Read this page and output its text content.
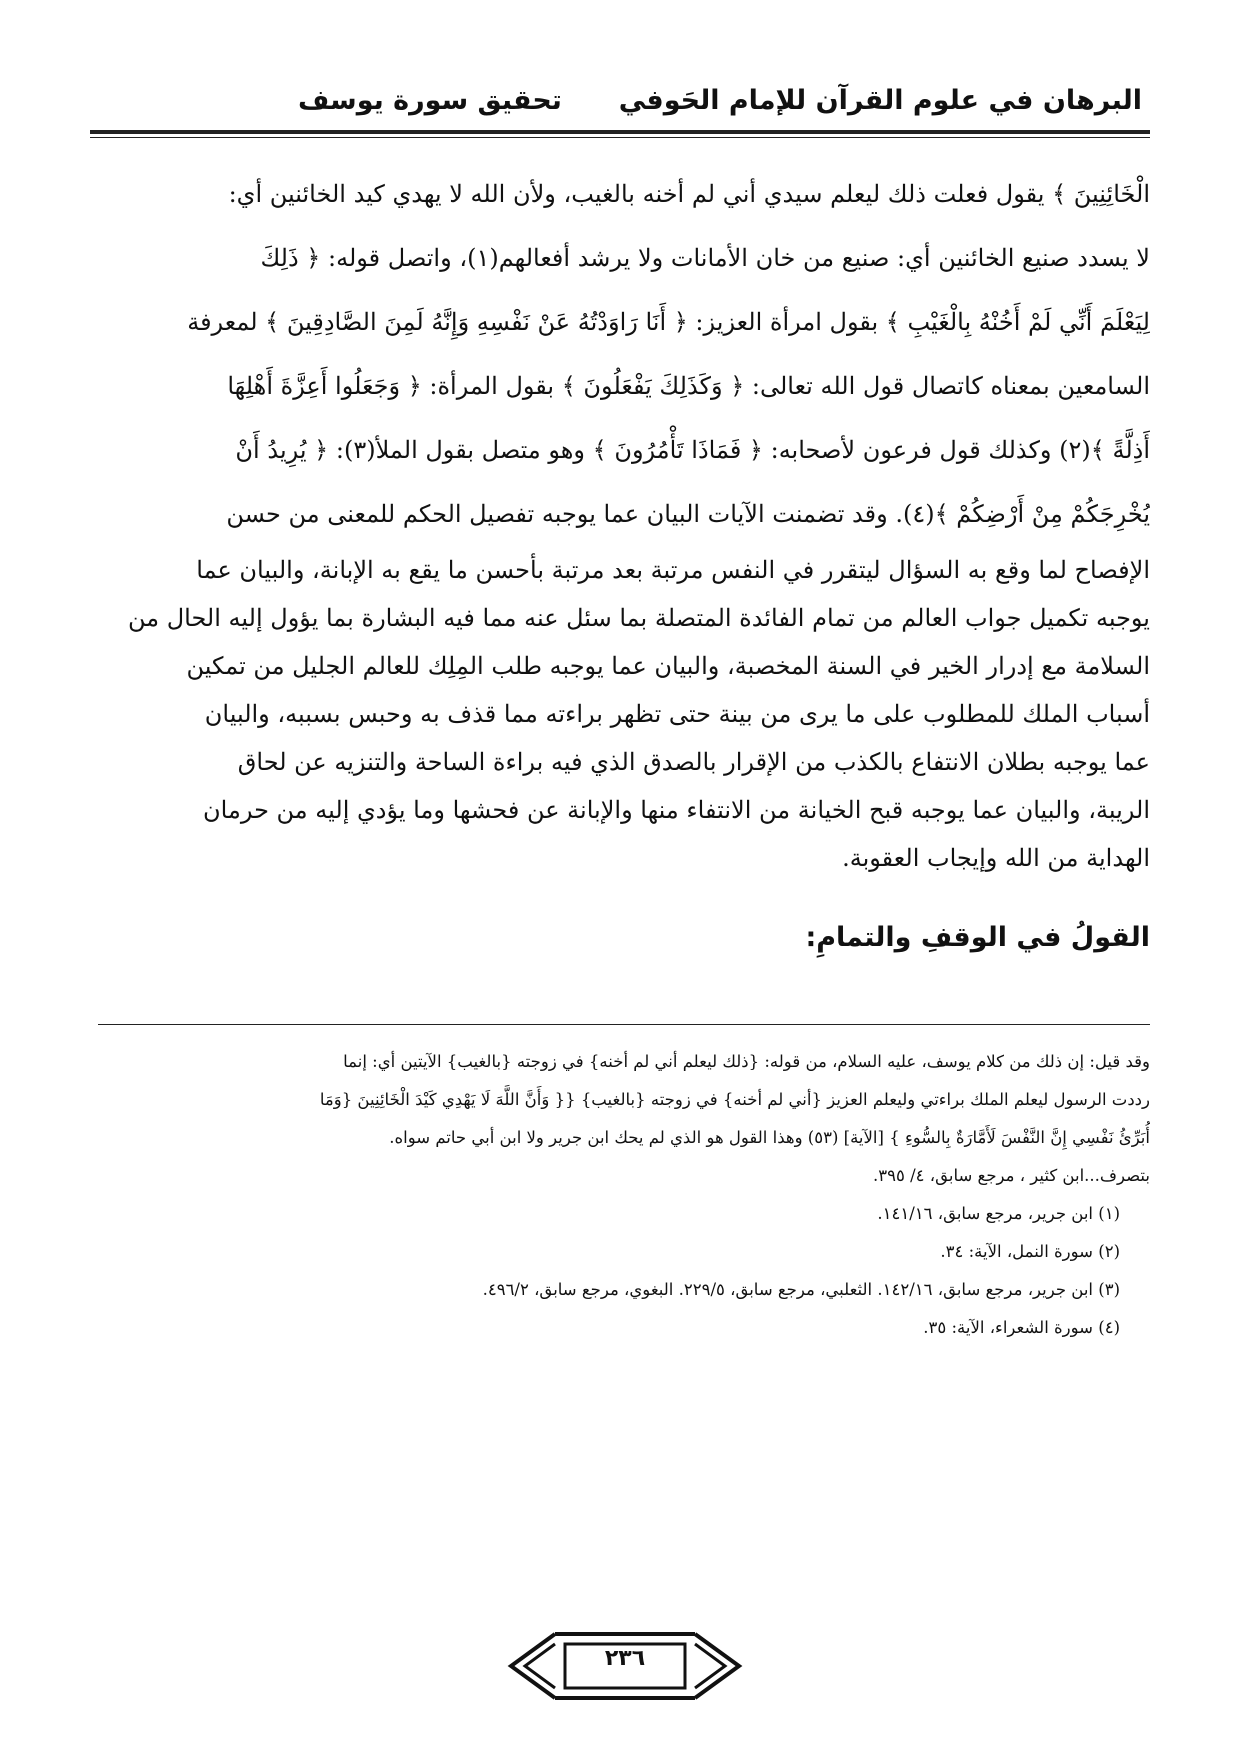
البرهان في علوم القرآن للإمام الحَوفي
تحقيق سورة يوسف
الْخَائِنِينَ ﴾ يقول فعلت ذلك ليعلم سيدي أني لم أخنه بالغيب، ولأن الله لا يهدي كيد الخائنين أي:
لا يسدد صنيع الخائنين أي: صنيع من خان الأمانات ولا يرشد أفعالهم(١)، واتصل قوله: ﴿ ذَلِكَ
لِيَعْلَمَ أَنِّي لَمْ أَخُنْهُ بِالْغَيْبِ ﴾ بقول امرأة العزيز: ﴿ أَنَا رَاوَدْتُهُ عَنْ نَفْسِهِ وَإِنَّهُ لَمِنَ الصَّادِقِينَ ﴾ لمعرفة
السامعين بمعناه كاتصال قول الله تعالى: ﴿ وَكَذَلِكَ يَفْعَلُونَ ﴾ بقول المرأة: ﴿ وَجَعَلُوا أَعِزَّةَ أَهْلِهَا
أَذِلَّةً ﴾(٢) وكذلك قول فرعون لأصحابه: ﴿ فَمَاذَا تَأْمُرُونَ ﴾ وهو متصل بقول الملأ(٣): ﴿ يُرِيدُ أَنْ
يُخْرِجَكُمْ مِنْ أَرْضِكُمْ ﴾(٤). وقد تضمنت الآيات البيان عما يوجبه تفصيل الحكم للمعنى من حسن
الإفصاح لما وقع به السؤال ليتقرر في النفس مرتبة بعد مرتبة بأحسن ما يقع به الإبانة، والبيان عما
يوجبه تكميل جواب العالم من تمام الفائدة المتصلة بما سئل عنه مما فيه البشارة بما يؤول إليه الحال من
السلامة مع إدرار الخير في السنة المخصبة، والبيان عما يوجبه طلب المِلِك للعالم الجليل من تمكين
أسباب الملك للمطلوب على ما يرى من بينة حتى تظهر براءته مما قذف به وحبس بسببه، والبيان
عما يوجبه بطلان الانتفاع بالكذب من الإقرار بالصدق الذي فيه براءة الساحة والتنزيه عن لحاق
الريبة، والبيان عما يوجبه قبح الخيانة من الانتفاء منها والإبانة عن فحشها وما يؤدي إليه من حرمان
الهداية من الله وإيجاب العقوبة.
القولُ في الوقفِ والتمامِ:
وقد قيل: إن ذلك من كلام يوسف، عليه السلام، من قوله: {ذلك ليعلم أني لم أخنه} في زوجته {بالغيب} الآيتين أي: إنما
رددت الرسول ليعلم الملك براءتي وليعلم العزيز {أني لم أخنه} في زوجته {بالغيب} {{ وَأَنَّ اللَّهَ لَا يَهْدِي كَيْدَ الْخَائِنِينَ {وَمَا
أُبَرِّئُ نَفْسِي إِنَّ النَّفْسَ لَأَمَّارَةٌ بِالسُّوءِ } [الآية] (٥٣) وهذا القول هو الذي لم يحك ابن جرير ولا ابن أبي حاتم سواه.
بتصرف...ابن كثير ، مرجع سابق، ٤/ ٣٩٥.
(١) ابن جرير، مرجع سابق، ١٤١/١٦.
(٢) سورة النمل، الآية: ٣٤.
(٣) ابن جرير، مرجع سابق، ١٤٢/١٦. الثعلبي، مرجع سابق، ٢٢٩/٥. البغوي، مرجع سابق، ٤٩٦/٢.
(٤) سورة الشعراء، الآية: ٣٥.
٢٣٦
